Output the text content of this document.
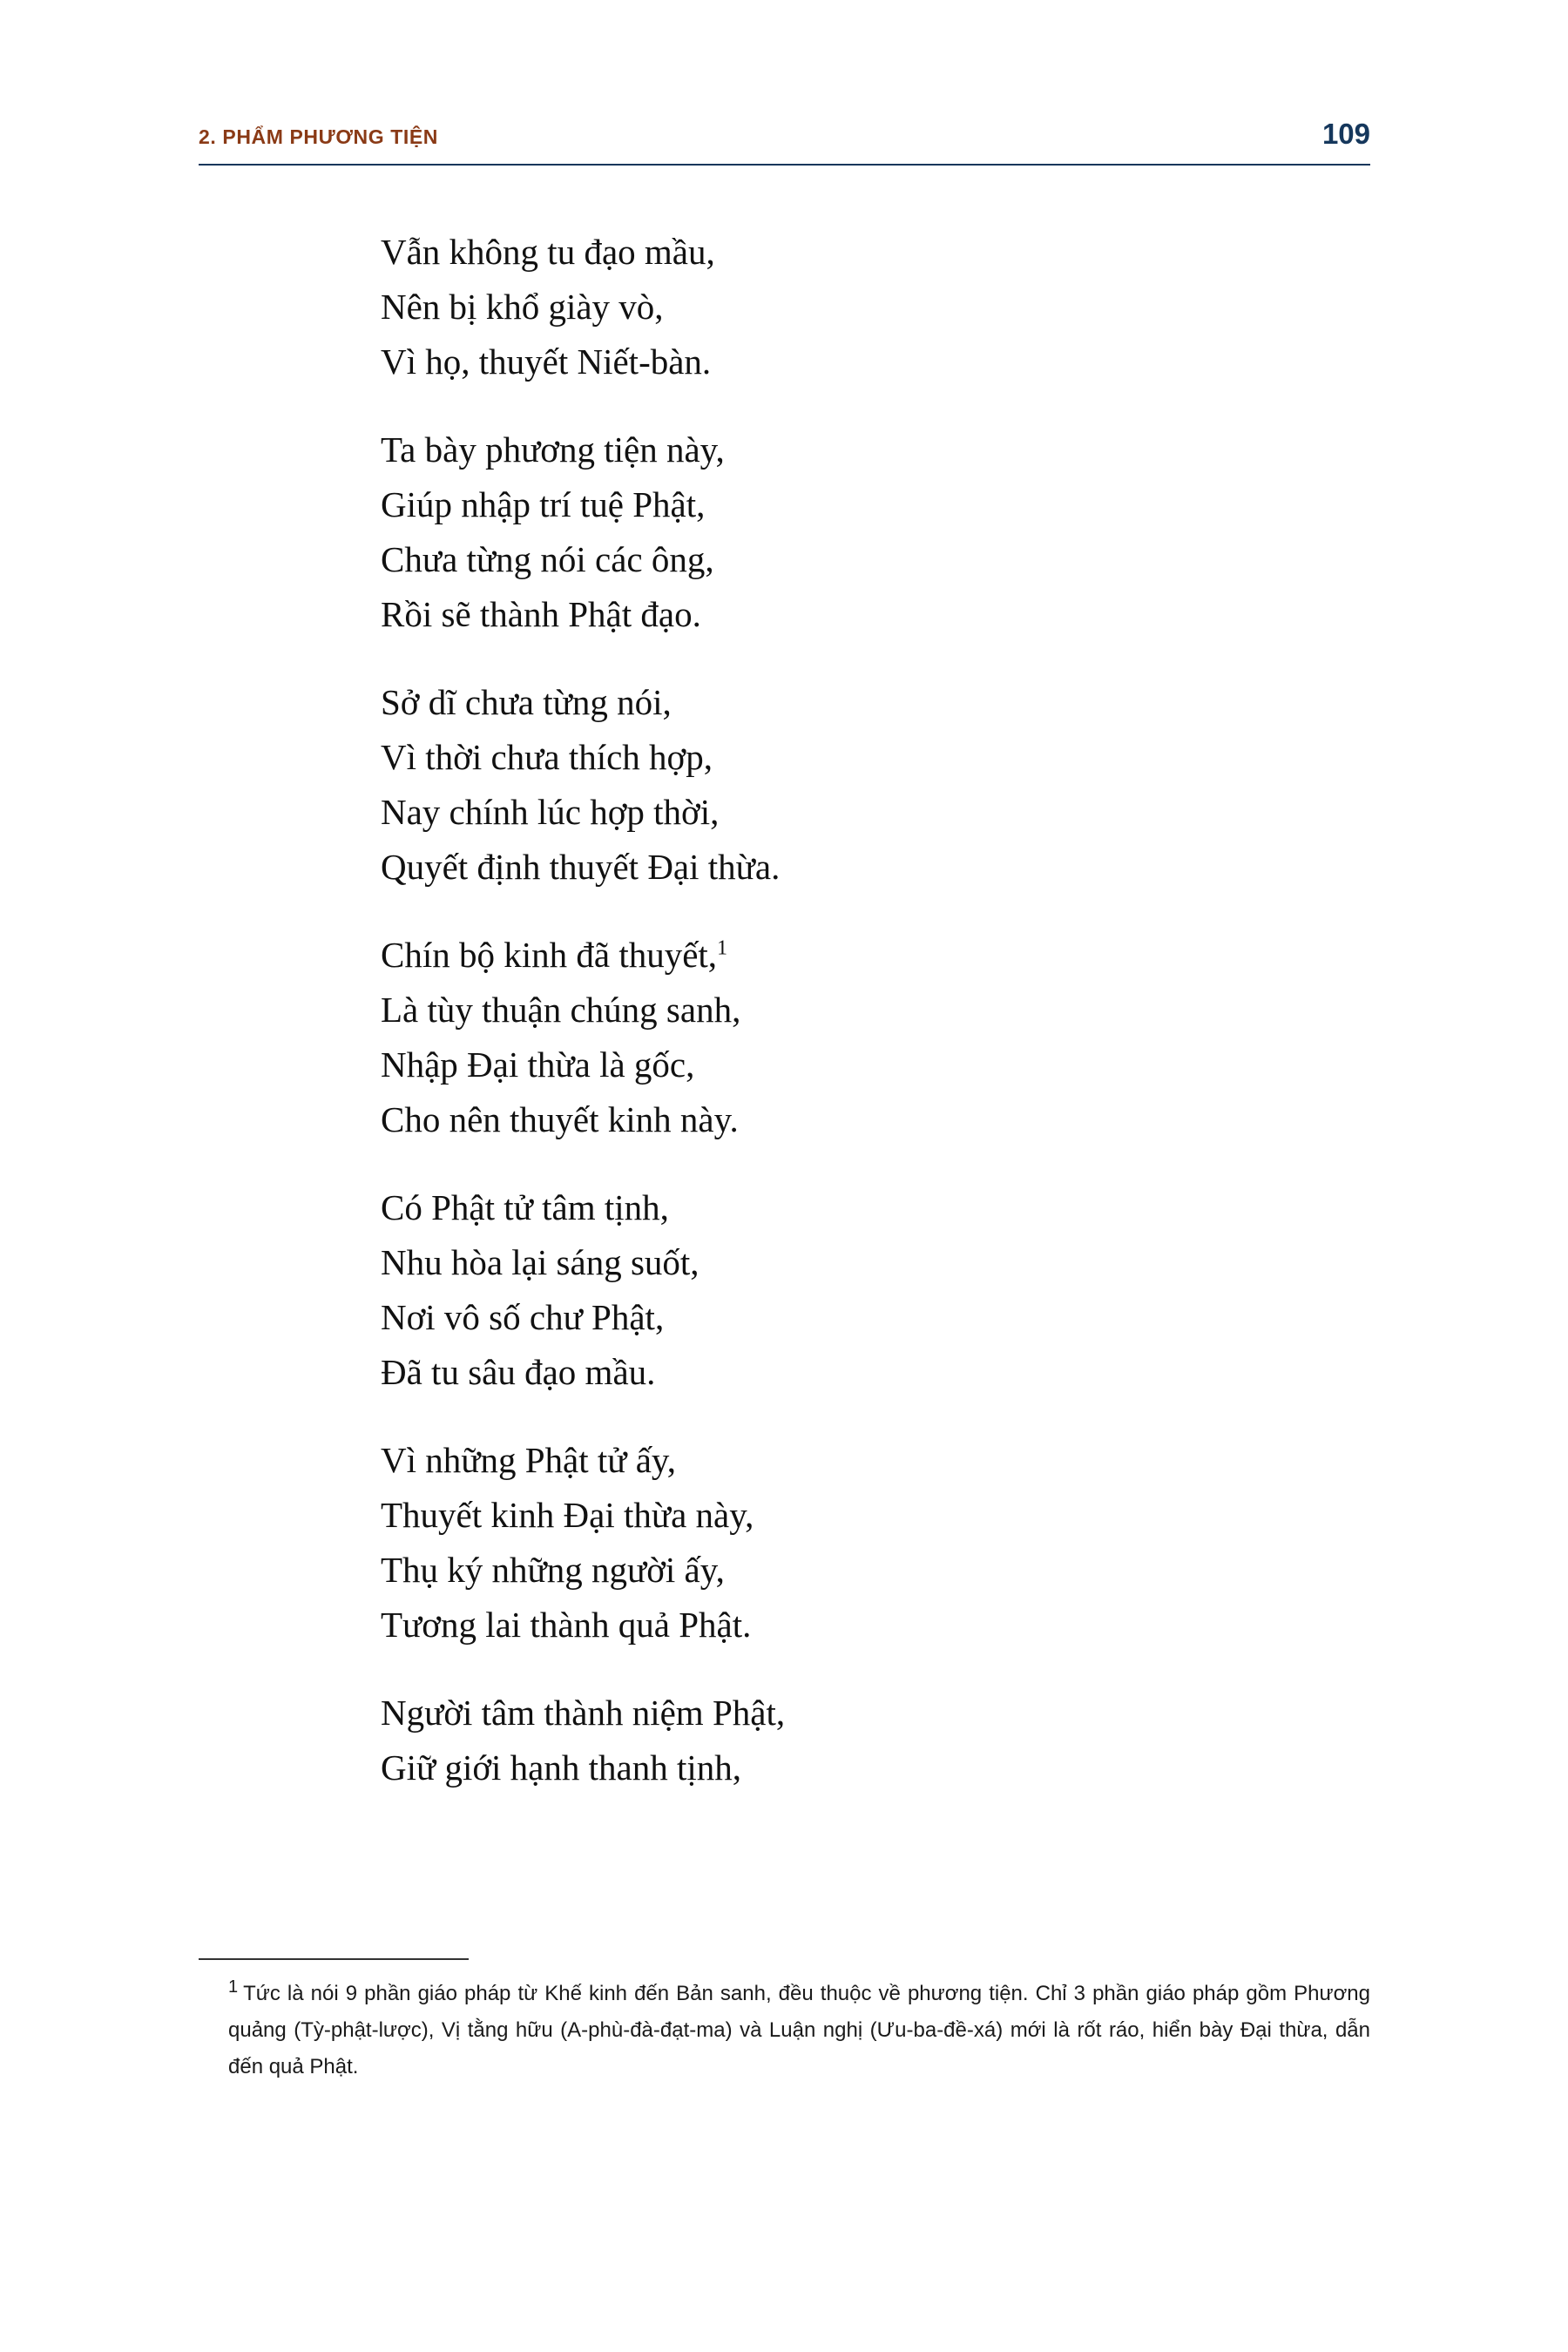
2. PHẨM PHƯƠNG TIỆN	109
Vẫn không tu đạo mầu,
Nên bị khổ giày vò,
Vì họ, thuyết Niết-bàn.
Ta bày phương tiện này,
Giúp nhập trí tuệ Phật,
Chưa từng nói các ông,
Rồi sẽ thành Phật đạo.
Sở dĩ chưa từng nói,
Vì thời chưa thích hợp,
Nay chính lúc hợp thời,
Quyết định thuyết Đại thừa.
Chín bộ kinh đã thuyết,$^1$
Là tùy thuận chúng sanh,
Nhập Đại thừa là gốc,
Cho nên thuyết kinh này.
Có Phật tử tâm tịnh,
Nhu hòa lại sáng suốt,
Nơi vô số chư Phật,
Đã tu sâu đạo mầu.
Vì những Phật tử ấy,
Thuyết kinh Đại thừa này,
Thụ ký những người ấy,
Tương lai thành quả Phật.
Người tâm thành niệm Phật,
Giữ giới hạnh thanh tịnh,
$^1$ Tức là nói 9 phần giáo pháp từ Khế kinh đến Bản sanh, đều thuộc về phương tiện. Chỉ 3 phần giáo pháp gồm Phương quảng (Tỳ-phật-lược), Vị tằng hữu (A-phù-đà-đạt-ma) và Luận nghị (Ưu-ba-đề-xá) mới là rốt ráo, hiển bày Đại thừa, dẫn đến quả Phật.
